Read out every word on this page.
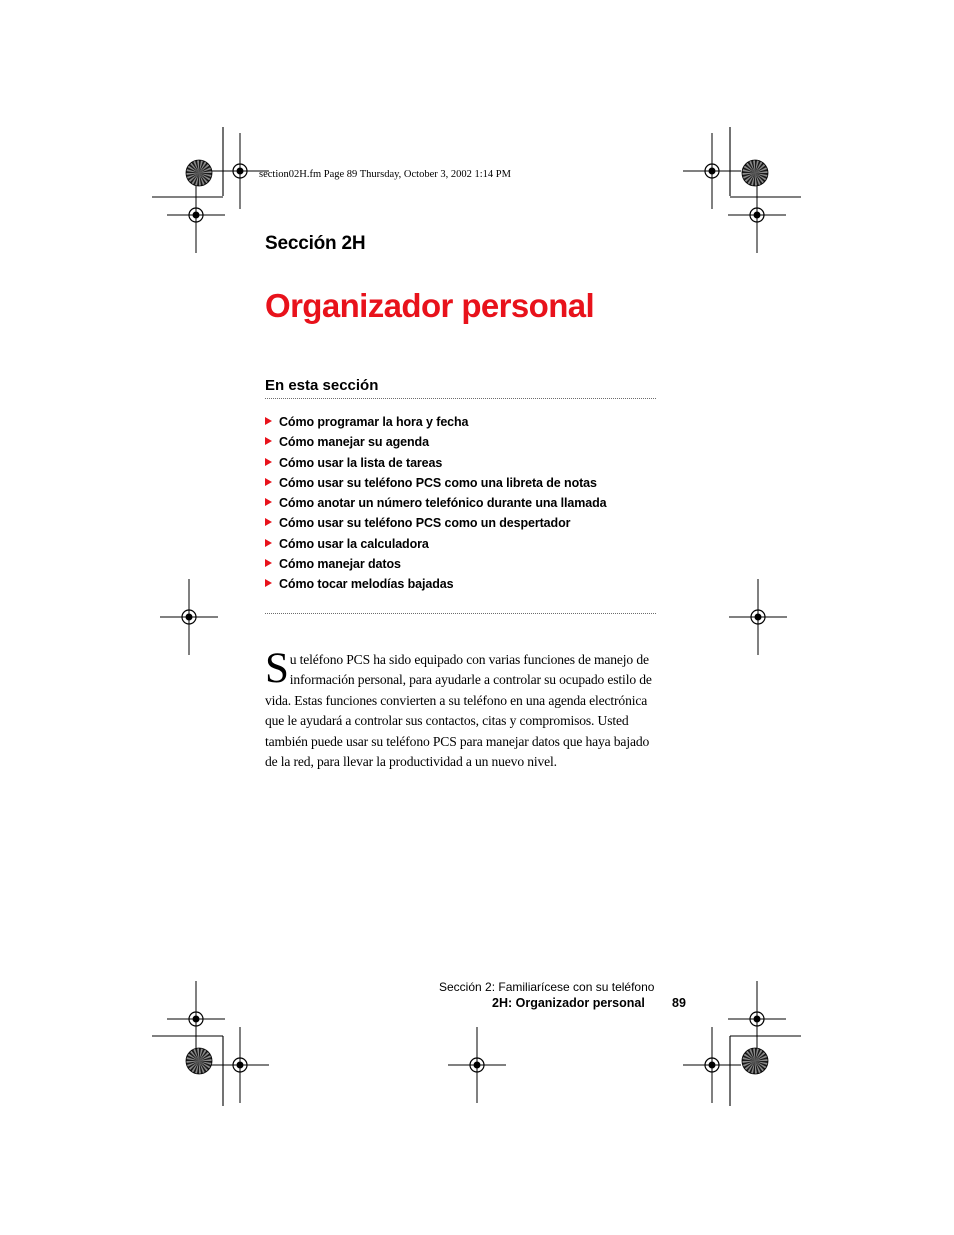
section02H.fm Page 89 Thursday, October 3, 2002 1:14 PM
Sección 2H
Organizador personal
En esta sección
Cómo programar la hora y fecha
Cómo manejar su agenda
Cómo usar la lista de tareas
Cómo usar su teléfono PCS como una libreta de notas
Cómo anotar un número telefónico durante una llamada
Cómo usar su teléfono PCS como un despertador
Cómo usar la calculadora
Cómo manejar datos
Cómo tocar melodías bajadas
Su teléfono PCS ha sido equipado con varias funciones de manejo de información personal, para ayudarle a controlar su ocupado estilo de vida. Estas funciones convierten a su teléfono en una agenda electrónica que le ayudará a controlar sus contactos, citas y compromisos. Usted también puede usar su teléfono PCS para manejar datos que haya bajado de la red, para llevar la productividad a un nuevo nivel.
Sección 2: Familiarícese con su teléfono
2H: Organizador personal 89
